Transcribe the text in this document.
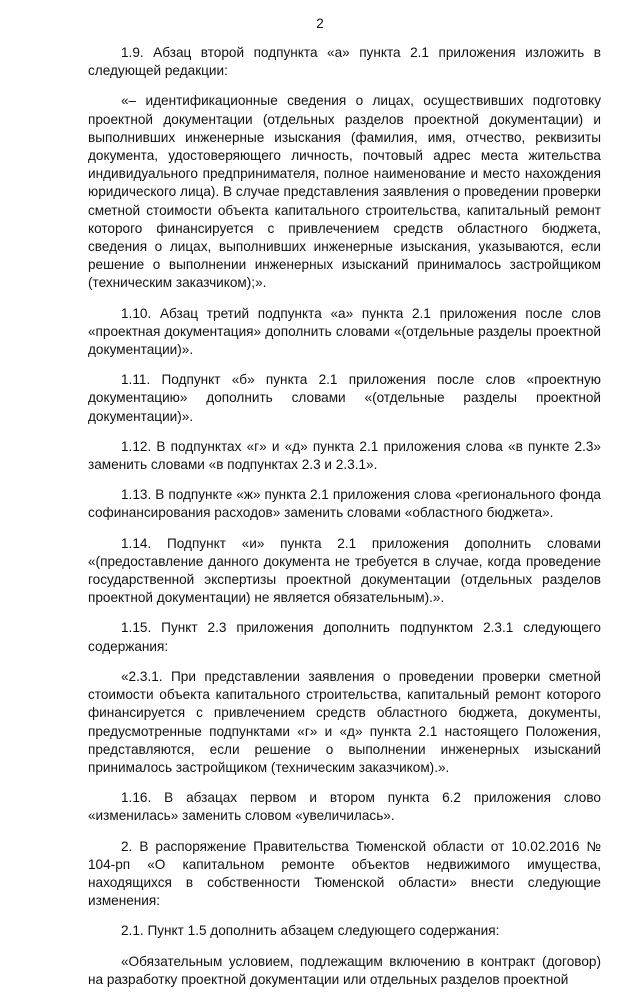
2

1.9. Абзац второй подпункта «а» пункта 2.1 приложения изложить в следующей редакции:

«– идентификационные сведения о лицах, осуществивших подготовку проектной документации (отдельных разделов проектной документации) и выполнивших инженерные изыскания (фамилия, имя, отчество, реквизиты документа, удостоверяющего личность, почтовый адрес места жительства индивидуального предпринимателя, полное наименование и место нахождения юридического лица). В случае представления заявления о проведении проверки сметной стоимости объекта капитального строительства, капитальный ремонт которого финансируется с привлечением средств областного бюджета, сведения о лицах, выполнивших инженерные изыскания, указываются, если решение о выполнении инженерных изысканий принималось застройщиком (техническим заказчиком);».

1.10. Абзац третий подпункта «а» пункта 2.1 приложения после слов «проектная документация» дополнить словами «(отдельные разделы проектной документации)».

1.11. Подпункт «б» пункта 2.1 приложения после слов «проектную документацию» дополнить словами «(отдельные разделы проектной документации)».

1.12. В подпунктах «г» и «д» пункта 2.1 приложения слова «в пункте 2.3» заменить словами «в подпунктах 2.3 и 2.3.1».

1.13. В подпункте «ж» пункта 2.1 приложения слова «регионального фонда софинансирования расходов» заменить словами «областного бюджета».

1.14. Подпункт «и» пункта 2.1 приложения дополнить словами «(предоставление данного документа не требуется в случае, когда проведение государственной экспертизы проектной документации (отдельных разделов проектной документации) не является обязательным).».

1.15. Пункт 2.3 приложения дополнить подпунктом 2.3.1 следующего содержания:

«2.3.1. При представлении заявления о проведении проверки сметной стоимости объекта капитального строительства, капитальный ремонт которого финансируется с привлечением средств областного бюджета, документы, предусмотренные подпунктами «г» и «д» пункта 2.1 настоящего Положения, представляются, если решение о выполнении инженерных изысканий принималось застройщиком (техническим заказчиком).».

1.16. В абзацах первом и втором пункта 6.2 приложения слово «изменилась» заменить словом «увеличилась».

2. В распоряжение Правительства Тюменской области от 10.02.2016 № 104-рп «О капитальном ремонте объектов недвижимого имущества, находящихся в собственности Тюменской области» внести следующие изменения:

2.1. Пункт 1.5 дополнить абзацем следующего содержания:

«Обязательным условием, подлежащим включению в контракт (договор) на разработку проектной документации или отдельных разделов проектной
